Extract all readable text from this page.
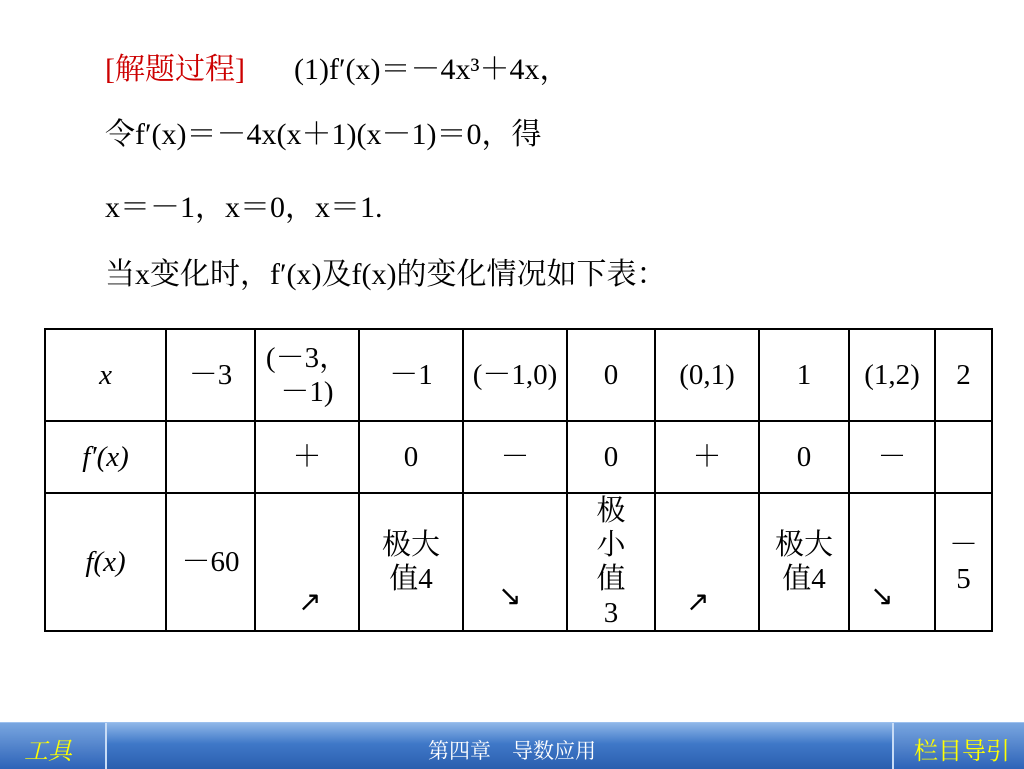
[解题过程] (1)f′(x)＝－4x³＋4x，
令f′(x)＝－4x(x＋1)(x－1)＝0，得
x＝－1，x＝0，x＝1.
当x变化时，f′(x)及f(x)的变化情况如下表：
x	－3	(－3，－1)	－1	(－1,0)	0	(0,1)	1	(1,2)	2
f′(x)		＋	0	－	0	＋	0	－	
f(x)	－60	↗	极大值4	↘	极小值3	↗	极大值4	↘	－5
工具	第四章　导数应用	栏目导引
